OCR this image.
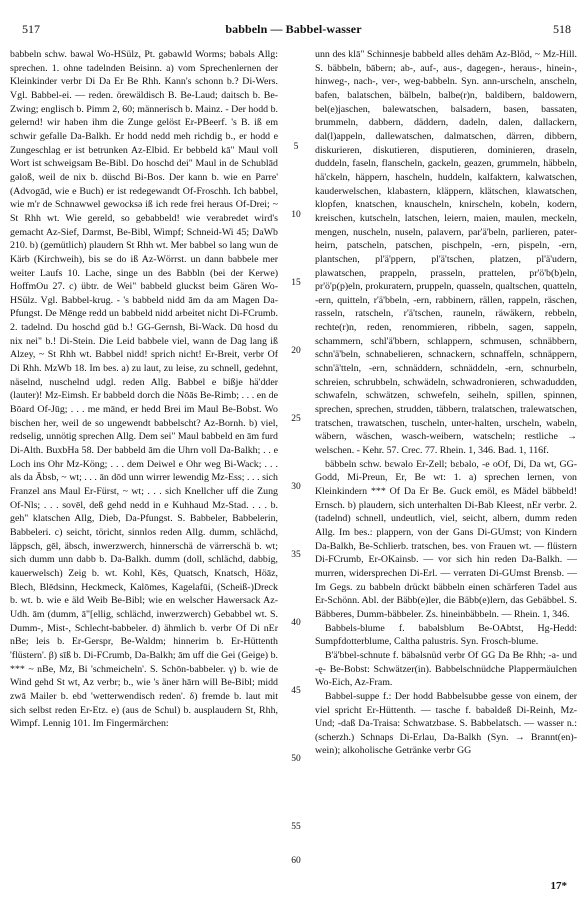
517	babbeln — Babbel-wasser	518

babbeln schw. bawəl Wo-HSülz, Pt. gəbawld Worms; bəbəls Allg: sprechen. 1. ohne tadelnden Beisinn. a) vom Sprechenlernen der Kleinkinder verbr Di Da Er Be Rhh. Kann's schonn b.? Di-Wers. Vgl. Babbel-ei. — reden. örewäldisch B. Be-Laud; daitsch b. Be-Zwing; englisch b. Pimm 2, 60; männerisch b. Mainz. - Der hodd b. gelernd! wir haben ihm die Zunge gelöst Er-PBeerf. 's B. iß em schwir gefalle Da-Balkh. Er hodd nedd meh richdig b., er hodd e Zungeschlag er ist betrunken Az-Elbid. Er bebbeld kā" Maul voll Wort ist schweigsam Be-Bibl. Do hoschd dei" Maul in de Schublād gəloß, weil de nix b. düschd Bi-Bos. Der kann b. wie en Parre' (Advogād, wie e Buch) er ist redegewandt Of-Froschh. Ich babbel, wie m'r de Schnawwel gewocksə iß ich rede frei heraus Of-Drei; ~ St Rhh wt. Wie gereld, so gebabbeld! wie verabredet wird's gemacht Az-Sief, Darmst, Be-Bibl, Wimpf; Schneid-Wi 45; DaWb 210. b) (gemütlich) plaudern St Rhh wt. Mer babbel so lang wun de Kärb (Kirchweih), bis se do iß Az-Wörrst. un dann babbele mer weiter Laufs 10. Lache, singe un des Babbln (bei der Kerwe) HoffmOu 27. c) übtr. de Wei" babbeld gluckst beim Gären Wo-HSülz. Vgl. Babbel-krug. - 's babbeld nidd ām da am Magen Da-Pfungst. De Mēnge redd un babbeld nidd arbeitet nicht Di-FCrumb. 2. tadelnd. Du hoschd gūd b.! GG-Gernsh, Bi-Wack. Dū hosd du nix nei" b.! Di-Stein. Die Leid babbele viel, wann de Dag lang iß Alzey, ~ St Rhh wt. Babbel nidd! sprich nicht! Er-Breit, verbr Of Di Rhh. MzWb 18. Im bes. a) zu laut, zu leise, zu schnell, gedehnt, näselnd, nuschelnd udgl. reden Allg. Babbel e bißje hä'dder (lauter)! Mz-Eimsh. Er babbeld dorch die Nōās Be-Rimb; . . . en de Bōard Of-Jūg; . . . me mānd, er hedd Brei im Maul Be-Bobst. Wo bischen her, weil de so ungewendt babbelscht? Az-Bornh. b) viel, redselig, unnötig sprechen Allg. Dem sei" Maul babbeld en ām furd Di-Alth. BuxbHa 58. Der babbeld ām die Uhrn voll Da-Balkh; . . e Loch ins Ohr Mz-Köng; . . . dem Deiwel e Ohr weg Bi-Wack; . . . als da Ābsb, ~ wt; . . . ān dōd unn wirrer lewendig Mz-Ess; . . . sich Franzel ans Maul Er-Fürst, ~ wt; . . . sich Knellcher uff die Zung Of-Nls; . . . sovēl, deß gehd nedd in e Kuhhaud Mz-Stad. . . . b. geh" klatschen Allg, Dieb, Da-Pfungst. S. Babbeler, Babbelerin, Babbeleri. c) seicht, töricht, sinnlos reden Allg. dumm, schlächd, läppsch, gēl, äbsch, inwerzwerch, hinnerschä de värrerschä b. wt; sich dumm unn dabb b. Da-Balkh. dumm (doll, schlächd, dabbig, kauerwelsch) Zeig b. wt. Kohl, Kēs, Quatsch, Knatsch, Höāz, Blech, Blēdsinn, Heckmeck, Kalōmes, Kagelafūi, (Scheiß-)Dreck b. wt. b. wie e äld Weib Be-Bibl; wie en welscher Hawersack Az-Udh. ām (dumm, ā"[ellig, schlächd, inwerzwerch) Gebabbel wt. S. Dumm-, Mist-, Schlecht-babbeler. d) ähmlich b. verbr Of Di nEr nBe; leis b. Er-Gerspr, Be-Waldm; hinnerim b. Er-Hüttenth 'flüstern'. β) sīß b. Di-FCrumb, Da-Balkh; ām uff die Gei (Geige) b. *** ~ nBe, Mz, Bi 'schmeicheln'. S. Schōn-babbeler. γ) b. wie de Wind gehd St wt, Az verbr; b., wie 's äner hārn will Be-Bibl; midd zwā Mailer b. ebd 'wetterwendisch reden'. δ) fremde b. laut mit sich selbst reden Er-Etz. e) (aus de Schul) b. ausplaudern St, Rhh, Wimpf. Lennig 101. Im Fingermärchen:

5
10
15
20
25
30
35
40
45
50
55
60

unn des klā" Schinnesje babbeld alles dehām Az-Blöd, ~ Mz-Hill. S. bäbbeln, bābern; ab-, auf-, aus-, dagegen-, heraus-, hinein-, hinweg-, nach-, ver-, weg-babbeln. Syn. ann-urscheln, anscheln, bafen, balatschen, bälbeln, balbe(r)n, baldibern, baldowern, bel(e)jaschen, balewatschen, balsadern, basen, bassaten, brummeln, dabbern, däddern, dadeln, dalen, dallackern, dal(l)appeln, dallewatschen, dalmatschen, därren, dibbern, diskurieren, diskutieren, disputieren, dominieren, draseln, duddeln, faseln, flanscheln, gackeln, geazen, grummeln, häbbeln, hä'ckeln, häppern, hascheln, huddeln, kalfaktern, kalwatschen, kauderwelschen, klabastern, kläppern, klätschen, klawatschen, klopfen, knatschen, knauscheln, knirscheln, kobeln, kodern, kreischen, kutscheln, latschen, leiern, maien, maulen, meckeln, mengen, nuscheln, nuseln, palavern, par'ä'beln, parlieren, pater-heirn, patscheln, patschen, pischpeln, -ern, pispeln, -ern, plantschen, pl'ä'ppern, pl'ä'tschen, platzen, pl'ä'udern, plawatschen, prappeln, prasseln, prattelen, pr'ö'b(b)eln, pr'ö'p(p)eln, prokuratern, pruppeln, quasseln, qualtschen, quatteln, -ern, quitteln, r'ä'bbeln, -ern, rabbinern, rällen, rappeln, räschen, rasseln, ratscheln, r'ä'tschen, rauneln, räwäkern, rebbeln, rechte(r)n, reden, renommieren, ribbeln, sagen, sappeln, schammern, schl'ä'bbern, schlappern, schmusen, schnäbbern, schn'ä'beln, schnabelieren, schnackern, schnaffeln, schnäppern, schn'ä'tteln, -ern, schnäddern, schnäddeln, -ern, schnurbeln, schreien, schrubbeln, schwädeln, schwadronieren, schwadudden, schwafeln, schwätzen, schwefeln, seiheln, spillen, spinnen, sprechen, sprechen, strudden, täbbern, tralatschen, tralewatschen, tratschen, trawatschen, tuscheln, unter-halten, urscheln, wabeln, wäbern, wäschen, wasch-weibern, watscheln; restliche → welschen. - Kehr. 57. Crec. 77. Rhein. 1, 346. Bad. 1, 116f.

bäbbeln schw. bɛwəlo Er-Zell; bɛbəlo, -e oOf, Di, Da wt, GG-Godd, Mi-Preun, Er, Be wt: 1. a) sprechen lernen, von Kleinkindern *** Of Da Er Be. Guck emöl, es Mädel bäbbeld! Ernsch. b) plaudern, sich unterhalten Di-Bab Kleest, nEr verbr. 2. (tadelnd) schnell, undeutlich, viel, seicht, albern, dumm reden Allg. Im bes.: plappern, von der Gans Di-GUmst; von Kindern Da-Balkh, Be-Schlierb. tratschen, bes. von Frauen wt. — flüstern Di-FCrumb, Er-OKainsb. — vor sich hin reden Da-Balkh. — murren, widersprechen Di-Erl. — verraten Di-GUmst Brensb. — Im Gegs. zu babbeln drückt bäbbeln einen schärferen Tadel aus Er-Schönn. Abl. der Bäbb(e)ler, die Bäbb(e)lern, das Gebäbbel. S. Bäbberes, Dumm-bäbbeler. Zs. hineinbäbbeln. — Rhein. 1, 346.

Babbels-blume f. babəlsblum Be-OAbtst, Hg-Hedd: Sumpfdotterblume, Caltha palustris. Syn. Frosch-blume.

B'ä'bbel-schnute f. bäbəlsnüd verbr Of GG Da Be Rhh; -a- und -ę- Be-Bobst: Schwätzer(in). Babbelschnüdche Plappermäulchen Wo-Eich, Az-Fram.

Babbel-suppe f.: Der hodd Babbelsubbe gesse von einem, der viel spricht Er-Hüttenth. — tasche f. babəldeß Di-Reinh, Mz-Und; -daß Da-Traisa: Schwatzbase. S. Babbelatsch. — wasser n.: (scherzh.) Schnaps Di-Erlau, Da-Balkh (Syn. → Brannt(en)-wein); alkoholische Getränke verbr GG

17*
